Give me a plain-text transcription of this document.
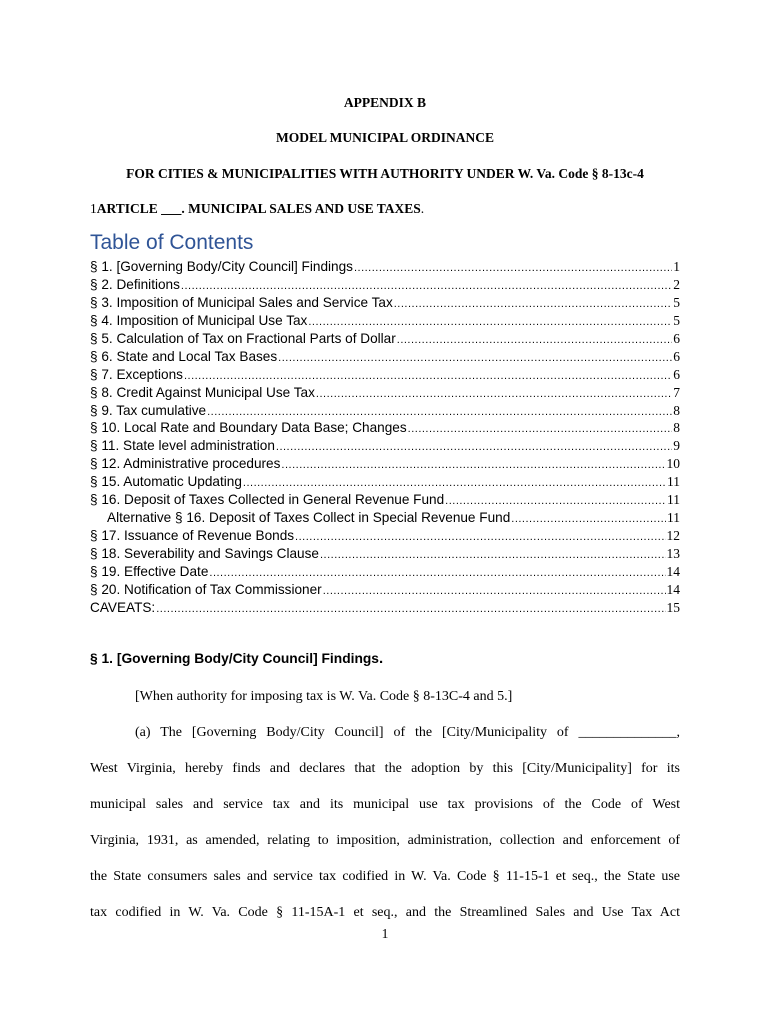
APPENDIX B
MODEL MUNICIPAL ORDINANCE
FOR CITIES & MUNICIPALITIES WITH AUTHORITY UNDER W. Va. Code § 8-13c-4
1ARTICLE ___. MUNICIPAL SALES AND USE TAXES.
Table of Contents
§ 1. [Governing Body/City Council] Findings .....	1
§ 2. Definitions .....	2
§ 3. Imposition of Municipal Sales and Service Tax .....	5
§ 4. Imposition of Municipal Use Tax .....	5
§ 5. Calculation of Tax on Fractional Parts of Dollar .....	6
§ 6. State and Local Tax Bases .....	6
§ 7. Exceptions .....	6
§ 8. Credit Against Municipal Use Tax .....	7
§ 9. Tax cumulative .....	8
§ 10. Local Rate and Boundary Data Base; Changes .....	8
§ 11. State level administration .....	9
§ 12. Administrative procedures .....	10
§ 15. Automatic Updating .....	11
§ 16. Deposit of Taxes Collected in General Revenue Fund .....	11
Alternative § 16. Deposit of Taxes Collect in Special Revenue Fund .....	11
§ 17. Issuance of Revenue Bonds .....	12
§ 18. Severability and Savings Clause .....	13
§ 19. Effective Date .....	14
§ 20. Notification of Tax Commissioner .....	14
CAVEATS: .....	15
§ 1. [Governing Body/City Council] Findings.
[When authority for imposing tax is W. Va. Code § 8-13C-4 and 5.]
(a) The [Governing Body/City Council] of the [City/Municipality of ______________,
West Virginia, hereby finds and declares that the adoption by this [City/Municipality] for its
municipal sales and service tax and its municipal use tax provisions of the Code of West
Virginia, 1931, as amended, relating to imposition, administration, collection and enforcement of
the State consumers sales and service tax codified in W. Va. Code § 11-15-1 et seq., the State use
tax codified in W. Va. Code § 11-15A-1 et seq., and the Streamlined Sales and Use Tax Act
1
